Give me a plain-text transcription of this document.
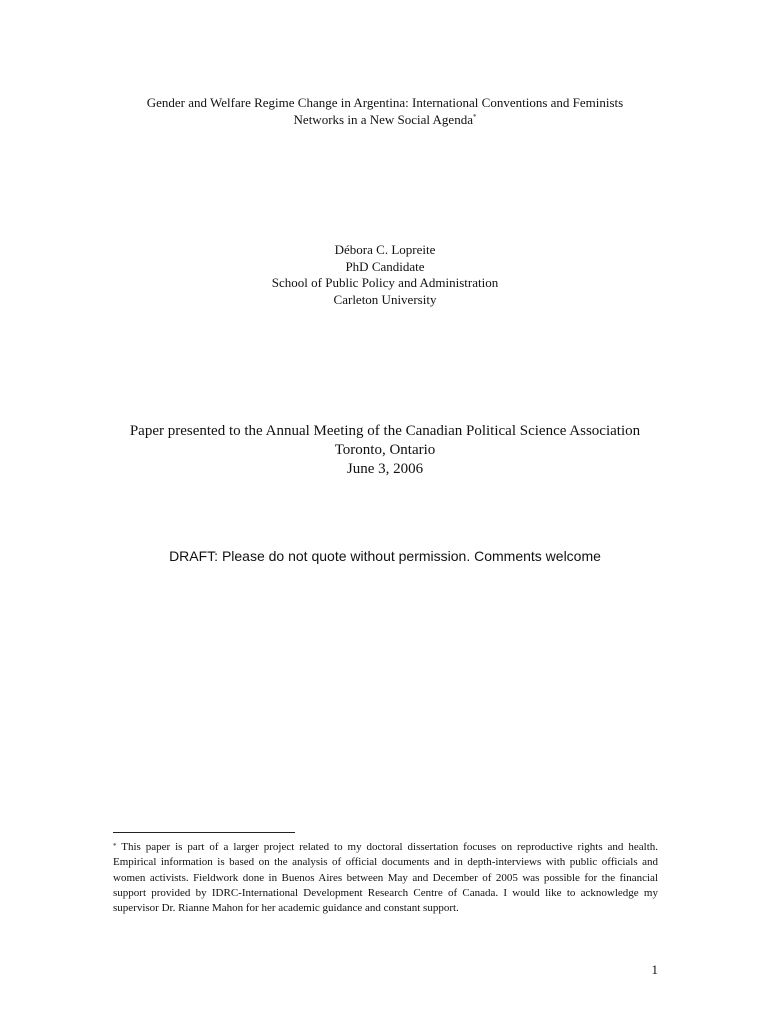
Gender and Welfare Regime Change in Argentina: International Conventions and Feminists
Networks in a New Social Agenda*
Débora C. Lopreite
PhD Candidate
School of Public Policy and Administration
Carleton University
Paper presented to the Annual Meeting of the Canadian Political Science Association
Toronto, Ontario
June 3, 2006
DRAFT: Please do not quote without permission. Comments welcome
* This paper is part of a larger project related to my doctoral dissertation focuses on reproductive rights and health. Empirical information is based on the analysis of official documents and in depth-interviews with public officials and women activists. Fieldwork done in Buenos Aires between May and December of 2005 was possible for the financial support provided by IDRC-International Development Research Centre of Canada. I would like to acknowledge my supervisor Dr. Rianne Mahon for her academic guidance and constant support.
1
